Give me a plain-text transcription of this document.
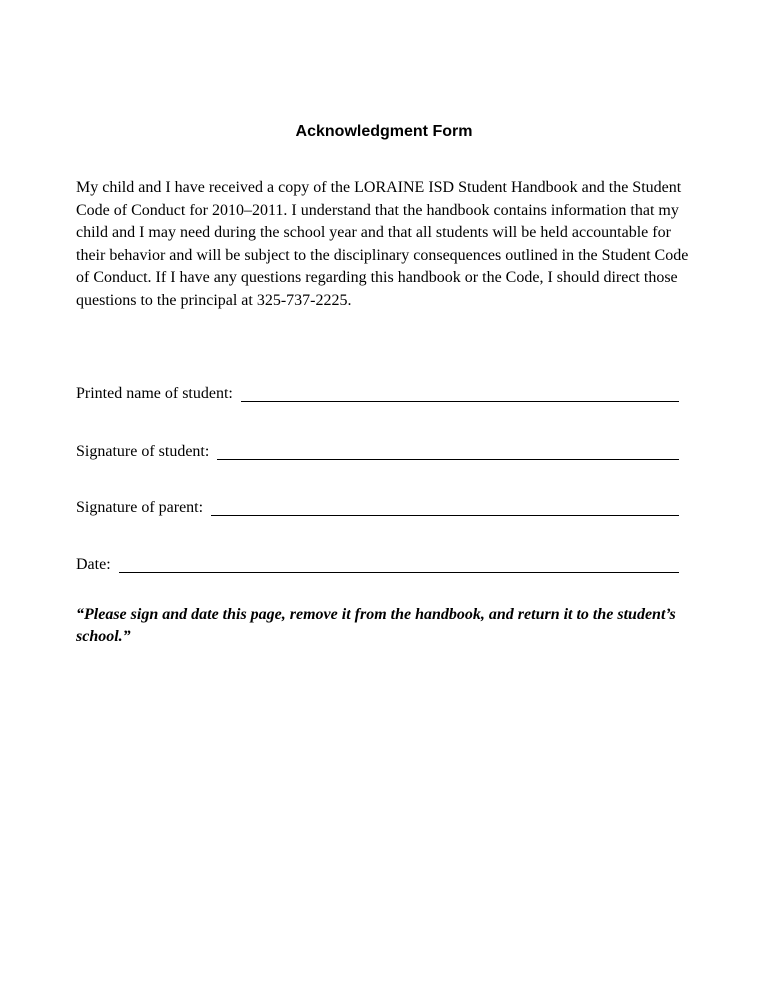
Acknowledgment Form

My child and I have received a copy of the LORAINE ISD Student Handbook and the Student Code of Conduct for 2010–2011. I understand that the handbook contains information that my child and I may need during the school year and that all students will be held accountable for their behavior and will be subject to the disciplinary consequences outlined in the Student Code of Conduct. If I have any questions regarding this handbook or the Code, I should direct those questions to the principal at 325-737-2225.

Printed name of student:
Signature of student:
Signature of parent:
Date:

“Please sign and date this page, remove it from the handbook, and return it to the student’s school.”
